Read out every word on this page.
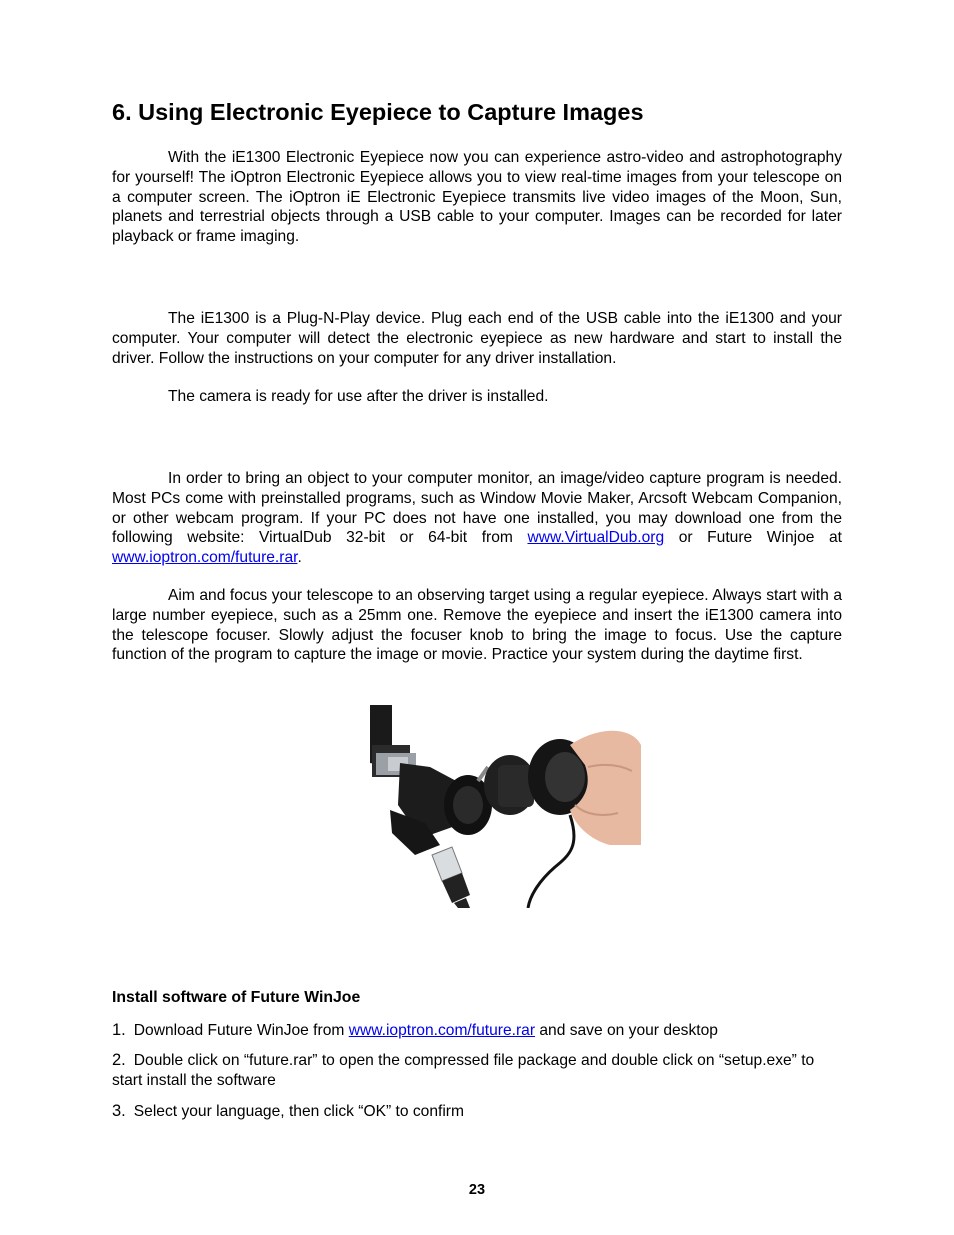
6. Using Electronic Eyepiece to Capture Images

With the iE1300 Electronic Eyepiece now you can experience astro-video and astrophotography for yourself! The iOptron Electronic Eyepiece allows you to view real-time images from your telescope on a computer screen. The iOptron iE Electronic Eyepiece transmits live video images of the Moon, Sun, planets and terrestrial objects through a USB cable to your computer. Images can be recorded for later playback or frame imaging.

The iE1300 is a Plug-N-Play device. Plug each end of the USB cable into the iE1300 and your computer. Your computer will detect the electronic eyepiece as new hardware and start to install the driver. Follow the instructions on your computer for any driver installation.

The camera is ready for use after the driver is installed.

In order to bring an object to your computer monitor, an image/video capture program is needed. Most PCs come with preinstalled programs, such as Window Movie Maker, Arcsoft Webcam Companion, or other webcam program. If your PC does not have one installed, you may download one from the following website: VirtualDub 32-bit or 64-bit from www.VirtualDub.org or Future Winjoe at www.ioptron.com/future.rar.

Aim and focus your telescope to an observing target using a regular eyepiece. Always start with a large number eyepiece, such as a 25mm one. Remove the eyepiece and insert the iE1300 camera into the telescope focuser. Slowly adjust the focuser knob to bring the image to focus. Use the capture function of the program to capture the image or movie. Practice your system during the daytime first.

Install software of Future WinJoe

1. Download Future WinJoe from www.ioptron.com/future.rar and save on your desktop

2. Double click on “future.rar” to open the compressed file package and double click on “setup.exe” to start install the software

3. Select your language, then click “OK” to confirm

23
